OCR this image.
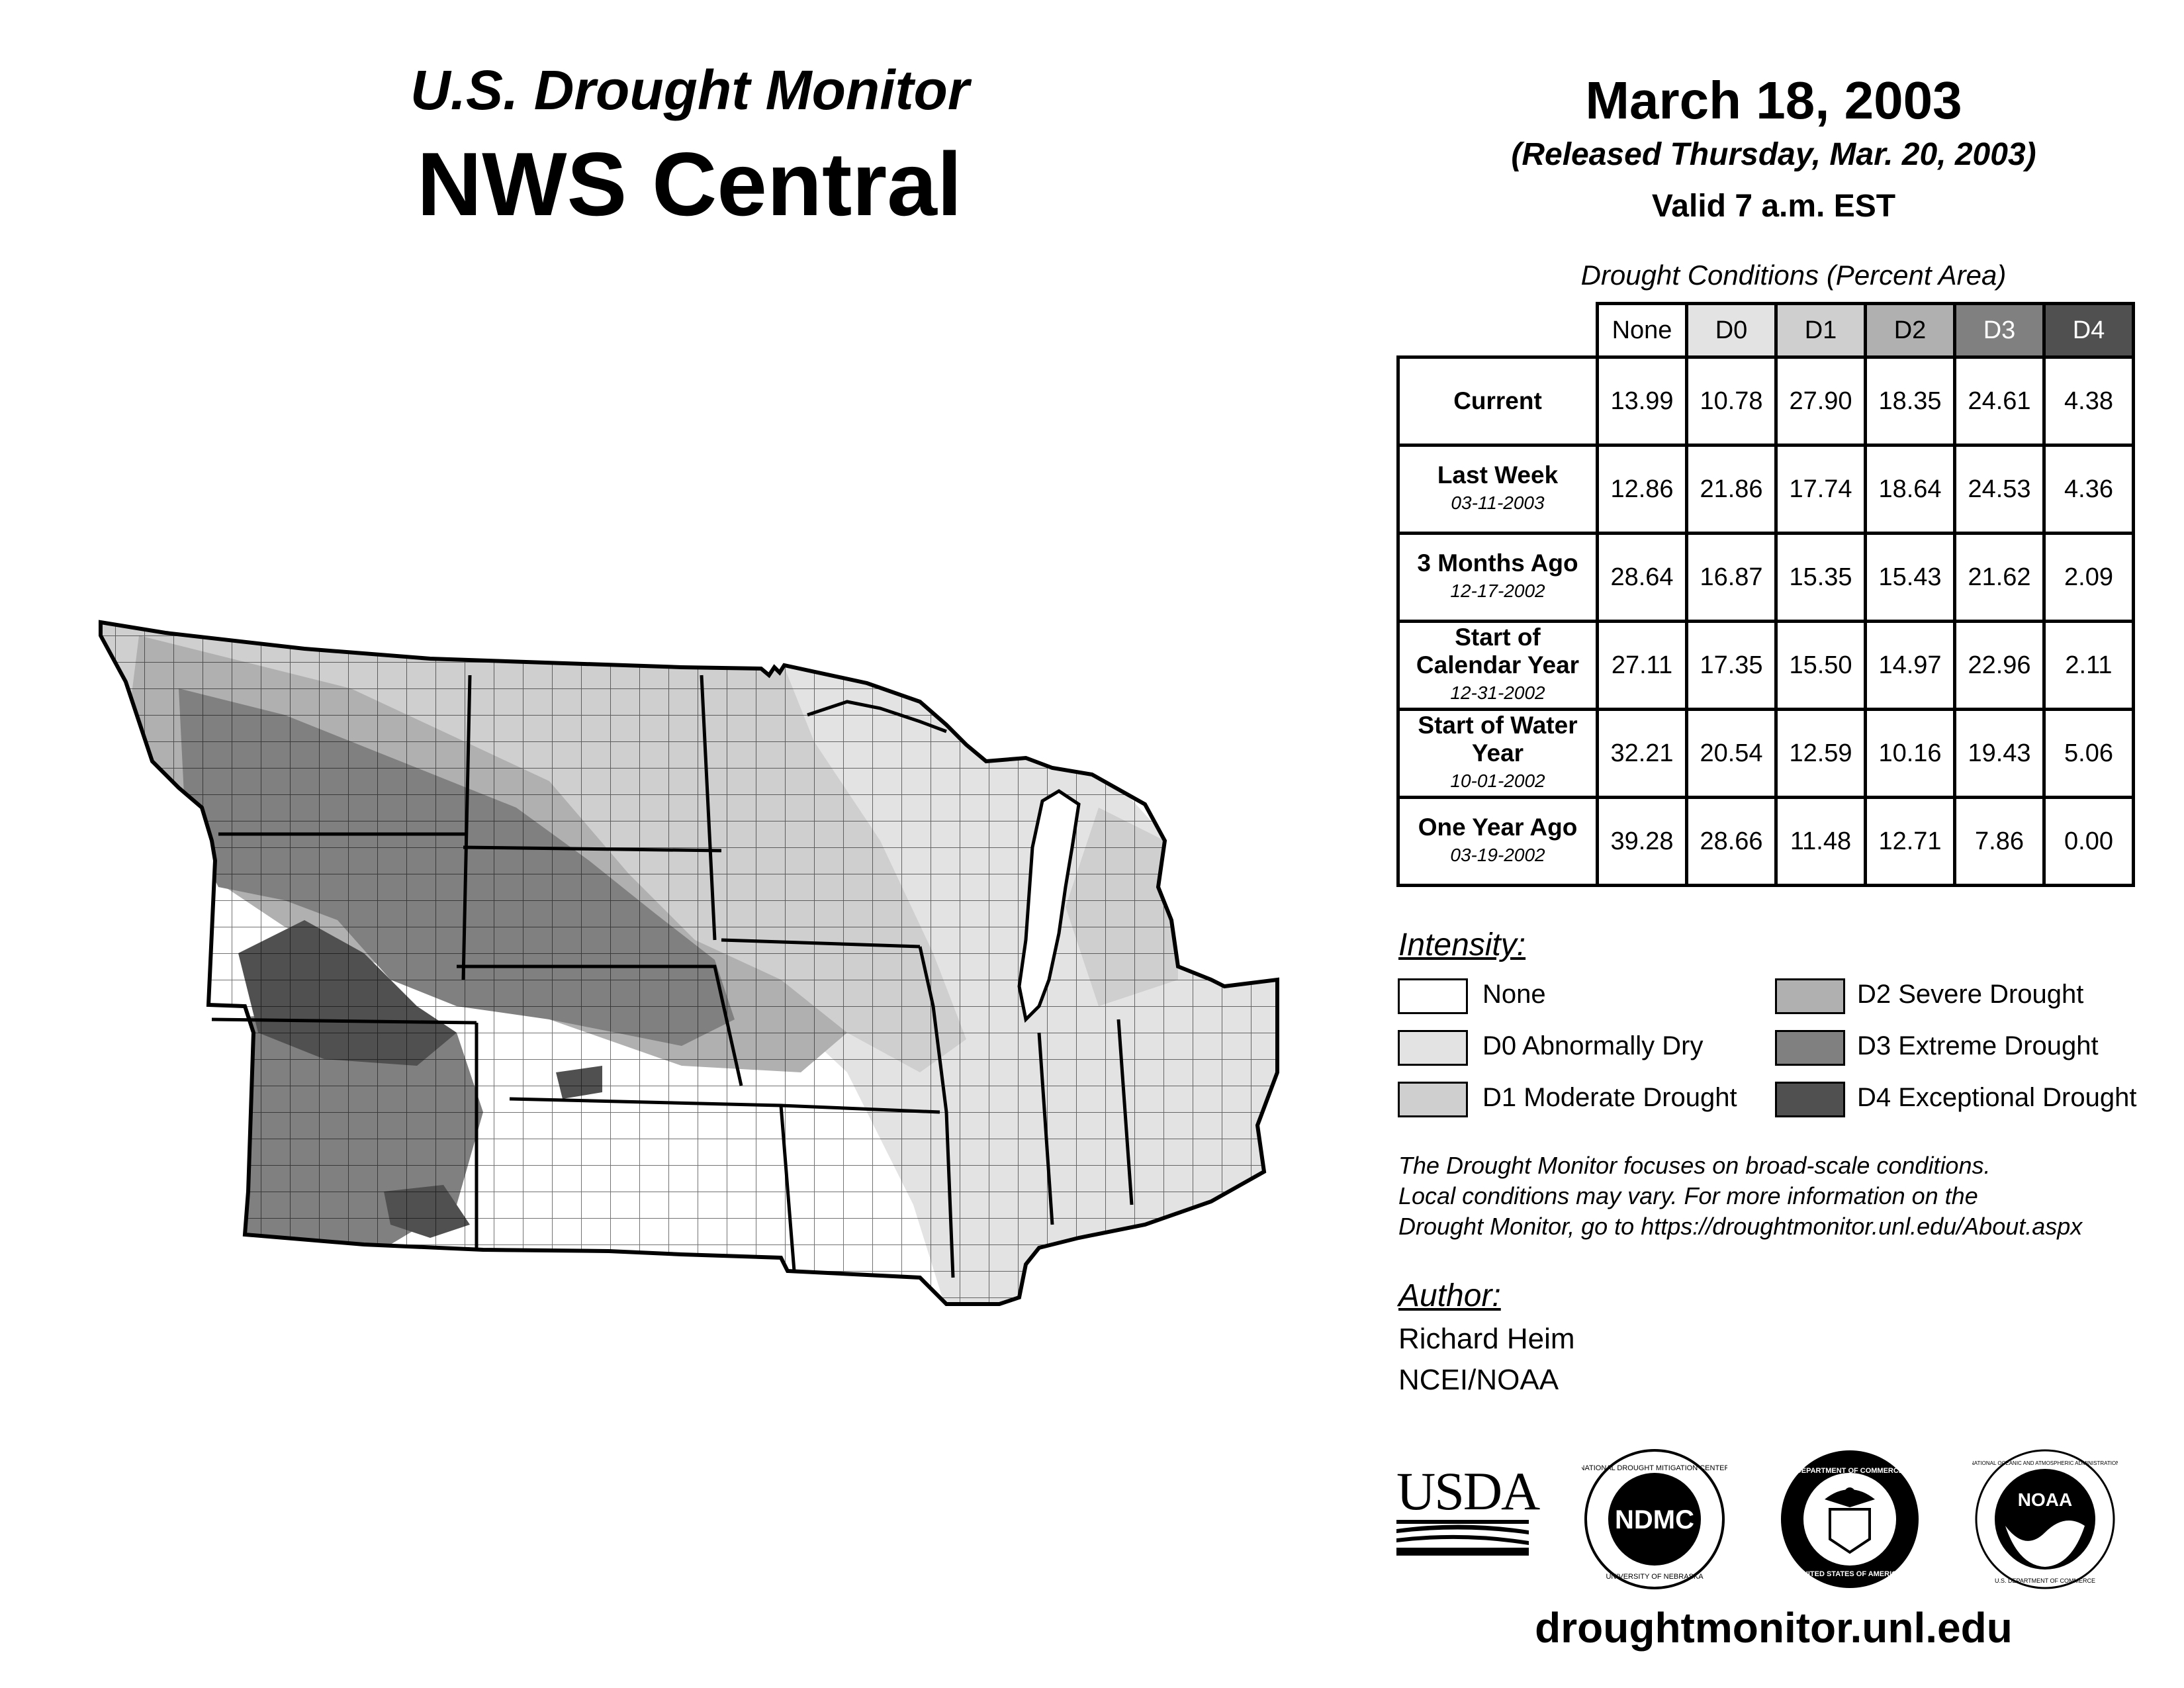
U.S. Drought Monitor
NWS Central
March 18, 2003
(Released Thursday, Mar. 20, 2003)
Valid 7 a.m. EST
Drought Conditions (Percent Area)
	None	D0	D1	D2	D3	D4
Current	13.99	10.78	27.90	18.35	24.61	4.38
Last Week
03-11-2003	12.86	21.86	17.74	18.64	24.53	4.36
3 Months Ago
12-17-2002	28.64	16.87	15.35	15.43	21.62	2.09
Start of Calendar Year
12-31-2002	27.11	17.35	15.50	14.97	22.96	2.11
Start of Water Year
10-01-2002	32.21	20.54	12.59	10.16	19.43	5.06
One Year Ago
03-19-2002	39.28	28.66	11.48	12.71	7.86	0.00
Intensity:
None
D0 Abnormally Dry
D1 Moderate Drought
D2 Severe Drought
D3 Extreme Drought
D4 Exceptional Drought
The Drought Monitor focuses on broad-scale conditions.
Local conditions may vary. For more information on the
Drought Monitor, go to https://droughtmonitor.unl.edu/About.aspx
Author:
Richard Heim
NCEI/NOAA
USDA	NDMC
NATIONAL DROUGHT MITIGATION CENTER
UNIVERSITY OF NEBRASKA
DEPARTMENT OF COMMERCE
UNITED STATES OF AMERICA
NOAA
NATIONAL OCEANIC AND ATMOSPHERIC ADMINISTRATION
U.S. DEPARTMENT OF COMMERCE
droughtmonitor.unl.edu
